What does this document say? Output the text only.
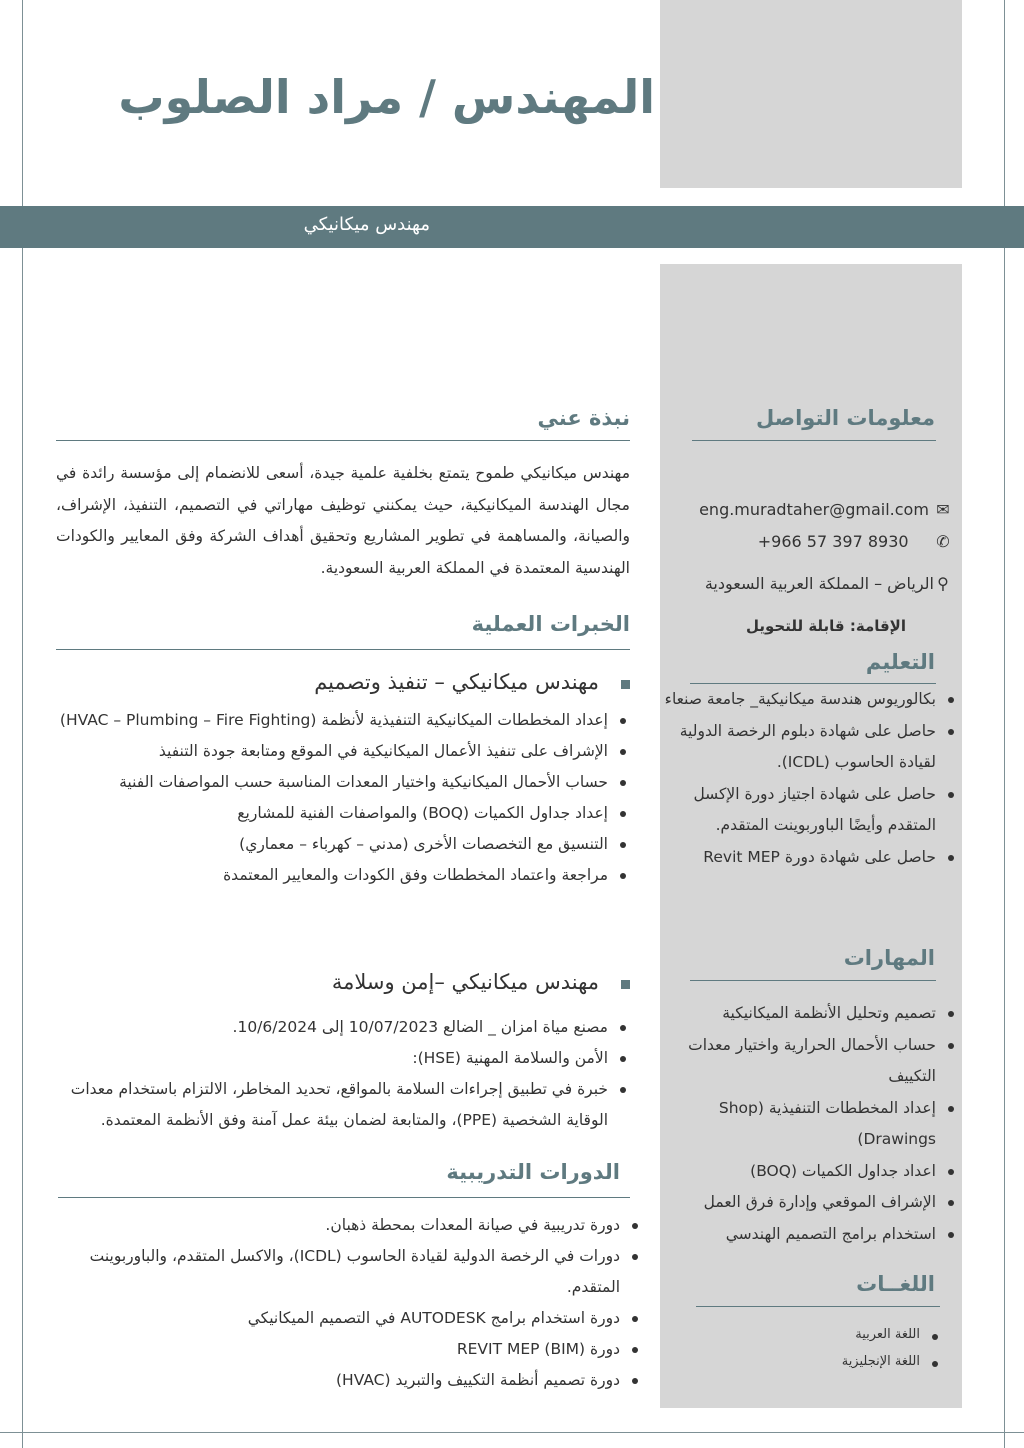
المهندس / مراد الصلوب
مهندس ميكانيكي
نبذة عني
مهندس ميكانيكي طموح يتمتع بخلفية علمية جيدة، أسعى للانضمام إلى مؤسسة رائدة في مجال الهندسة الميكانيكية، حيث يمكنني توظيف مهاراتي في التصميم، التنفيذ، الإشراف، والصيانة، والمساهمة في تطوير المشاريع وتحقيق أهداف الشركة وفق المعايير والكودات الهندسية المعتمدة في المملكة العربية السعودية.
الخبرات العملية
مهندس ميكانيكي – تنفيذ وتصميم
إعداد المخططات الميكانيكية التنفيذية لأنظمة (HVAC – Plumbing – Fire Fighting)
الإشراف على تنفيذ الأعمال الميكانيكية في الموقع ومتابعة جودة التنفيذ
حساب الأحمال الميكانيكية واختيار المعدات المناسبة حسب المواصفات الفنية
إعداد جداول الكميات (BOQ) والمواصفات الفنية للمشاريع
التنسيق مع التخصصات الأخرى (مدني – كهرباء – معماري)
مراجعة واعتماد المخططات وفق الكودات والمعايير المعتمدة
مهندس ميكانيكي –إمن وسلامة
مصنع مياة امزان _ الضالع 10/07/2023 إلى 10/6/2024.
الأمن والسلامة المهنية (HSE):
خبرة في تطبيق إجراءات السلامة بالمواقع، تحديد المخاطر، الالتزام باستخدام معدات الوقاية الشخصية (PPE)، والمتابعة لضمان بيئة عمل آمنة وفق الأنظمة المعتمدة.
الدورات التدريبية
دورة تدريبية في صيانة المعدات بمحطة ذهبان.
دورات في الرخصة الدولية لقيادة الحاسوب (ICDL)، والاكسل المتقدم، والباوربوينت المتقدم.
دورة استخدام برامج AUTODESK في التصميم الميكانيكي
دورة REVIT MEP (BIM)
دورة تصميم أنظمة التكييف والتبريد (HVAC)
معلومات التواصل
eng.muradtaher@gmail.com ✉
+966 57 397 8930 ✆
⚲الرياض – المملكة العربية السعودية
الإقامة: قابلة للتحويل
التعليم
بكالوريوس هندسة ميكانيكية_ جامعة صنعاء
حاصل على شهادة دبلوم الرخصة الدولية لقيادة الحاسوب (ICDL).
حاصل على شهادة اجتياز دورة الإكسل المتقدم وأيضًا الباوربوينت المتقدم.
حاصل على شهادة دورة Revit MEP
المهارات
تصميم وتحليل الأنظمة الميكانيكية
حساب الأحمال الحرارية واختيار معدات التكييف
إعداد المخططات التنفيذية (Shop Drawings)
اعداد جداول الكميات (BOQ)
الإشراف الموقعي وإدارة فرق العمل
استخدام برامج التصميم الهندسي
اللغــات
اللغة العربية
اللغة الإنجليزية
